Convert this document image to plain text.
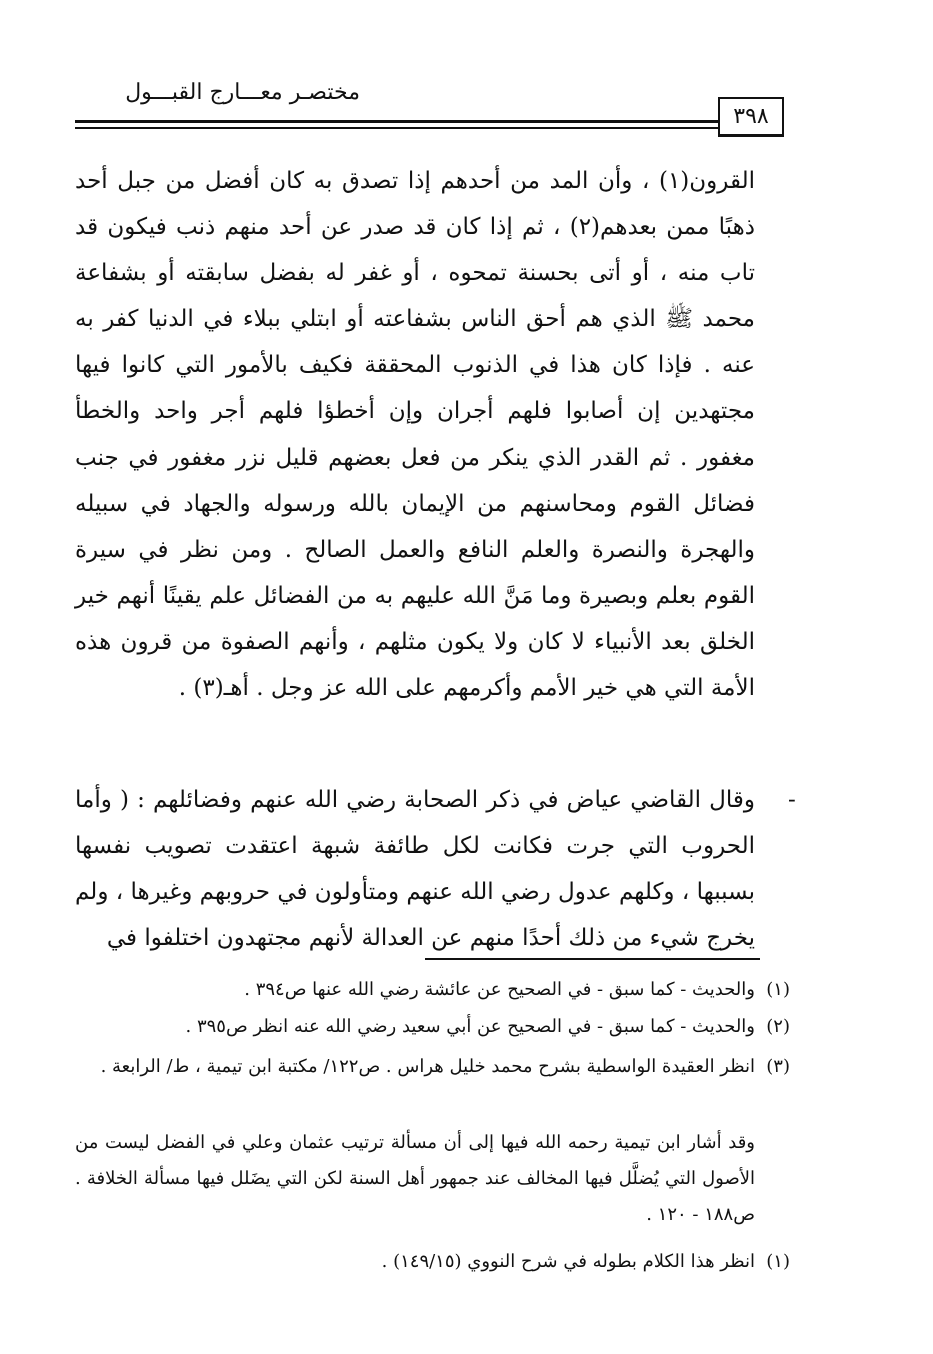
مختصـر معـــارج القبـــول
٣٩٨

القرون(١) ، وأن المد من أحدهم إذا تصدق به كان أفضل من جبل أحد ذهبًا ممن بعدهم(٢) ، ثم إذا كان قد صدر عن أحد منهم ذنب فيكون قد تاب منه ، أو أتى بحسنة تمحوه ، أو غفر له بفضل سابقته أو بشفاعة محمد ﷺ الذي هم أحق الناس بشفاعته أو ابتلي ببلاء في الدنيا كفر به عنه . فإذا كان هذا في الذنوب المحققة فكيف بالأمور التي كانوا فيها مجتهدين إن أصابوا فلهم أجران وإن أخطؤا فلهم أجر واحد والخطأ مغفور . ثم القدر الذي ينكر من فعل بعضهم قليل نزر مغفور في جنب فضائل القوم ومحاسنهم من الإيمان بالله ورسوله والجهاد في سبيله والهجرة والنصرة والعلم النافع والعمل الصالح . ومن نظر في سيرة القوم بعلم وبصيرة وما مَنَّ الله عليهم به من الفضائل علم يقينًا أنهم خير الخلق بعد الأنبياء لا كان ولا يكون مثلهم ، وأنهم الصفوة من قرون هذه الأمة التي هي خير الأمم وأكرمهم على الله عز وجل . أهـ(٣) .

-

وقال القاضي عياض في ذكر الصحابة رضي الله عنهم وفضائلهم : ( وأما الحروب التي جرت فكانت لكل طائفة شبهة اعتقدت تصويب نفسها بسببها ، وكلهم عدول رضي الله عنهم ومتأولون في حروبهم وغيرها ، ولم يخرج شيء من ذلك أحدًا منهم عن العدالة لأنهم مجتهدون اختلفوا في

(١)

والحديث - كما سبق - في الصحيح عن عائشة رضي الله عنها ص٣٩٤ .

(٢)

والحديث - كما سبق - في الصحيح عن أبي سعيد رضي الله عنه انظر ص٣٩٥ .

(٣)

انظر العقيدة الواسطية بشرح محمد خليل هراس . ص١٢٢/ مكتبة ابن تيمية ، ط/ الرابعة .

وقد أشار ابن تيمية رحمه الله فيها إلى أن مسألة ترتيب عثمان وعلي في الفضل ليست من الأصول التي يُضلَّل فيها المخالف عند جمهور أهل السنة لكن التي يضَلل فيها مسألة الخلافة . ص١٨٨ - ١٢٠ .

(١)

انظر هذا الكلام بطوله في شرح النووي (١٤٩/١٥) .
